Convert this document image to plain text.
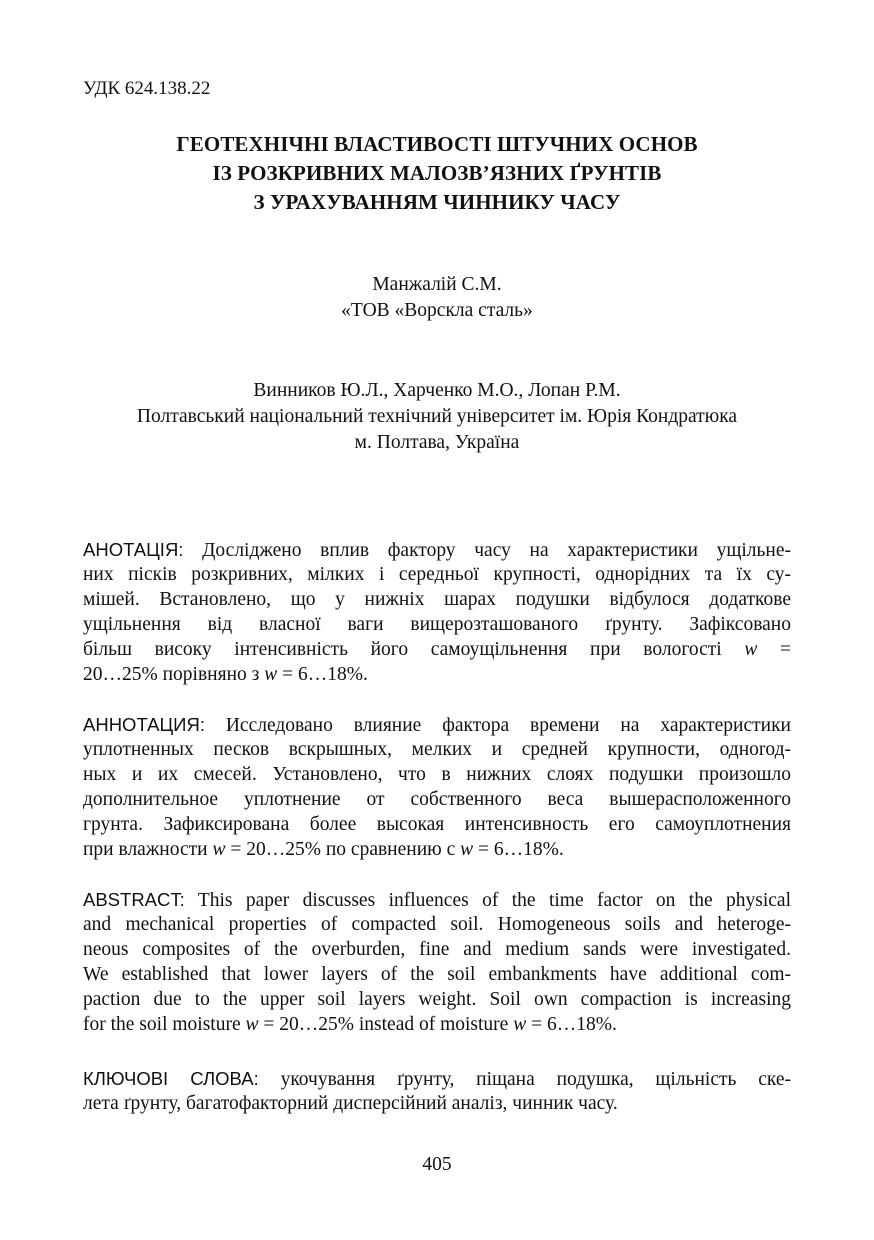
УДК 624.138.22
ГЕОТЕХНІЧНІ ВЛАСТИВОСТІ ШТУЧНИХ ОСНОВ
ІЗ РОЗКРИВНИХ МАЛОЗВ’ЯЗНИХ ҐРУНТІВ
З УРАХУВАННЯМ ЧИННИКУ ЧАСУ
Манжалій С.М.
«ТОВ «Ворскла сталь»
Винников Ю.Л., Харченко М.О., Лопан Р.М.
Полтавський національний технічний університет ім. Юрія Кондратюка
м. Полтава, Україна
АНОТАЦІЯ: Досліджено вплив фактору часу на характеристики ущільне-
них пісків розкривних, мілких і середньої крупності, однорідних та їх су-
мішей. Встановлено, що у нижніх шарах подушки відбулося додаткове
ущільнення від власної ваги вищерозташованого ґрунту. Зафіксовано
більш високу інтенсивність його самоущільнення при вологості w =
20…25% порівняно з w = 6…18%.
АННОТАЦИЯ: Исследовано влияние фактора времени на характеристики
уплотненных песков вскрышных, мелких и средней крупности, одноrод-
ных и их смесей. Установлено, что в нижних слоях подушки произошло
дополнительное уплотнение от собственного веса вышерасположенного
грунта. Зафиксирована более высокая интенсивность его самоуплотнения
при влажности w = 20…25% по сравнению с w = 6…18%.
ABSTRACT: This paper discusses influences of the time factor on the physical
and mechanical properties of compacted soil. Homogeneous soils and heteroge-
neous composites of the overburden, fine and medium sands were investigated.
We established that lower layers of the soil embankments have additional com-
paction due to the upper soil layers weight. Soil own compaction is increasing
for the soil moisture w = 20…25% instead of moisture w = 6…18%.
КЛЮЧОВІ СЛОВА: укочування ґрунту, піщана подушка, щільність ске-
лета ґрунту, багатофакторний дисперсійний аналіз, чинник часу.
405
